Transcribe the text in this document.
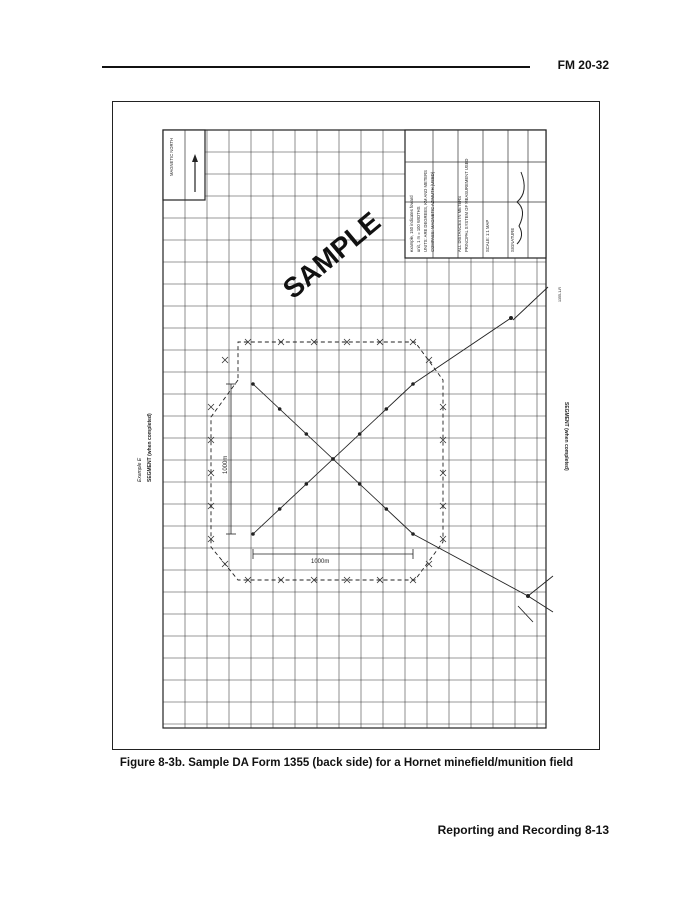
FM 20-32
example, 150 indicates foward unit, 1 m = 100 WIDTHS UNITS: ARE DEGREES, KM AND METERS COMPASS: MAGNETIC AZIMUTH (USED)	ALL DISTANCES IN METERS PRINCIPAL SYSTEM OF MEASUREMENT USED	SCALE: 1:1 MAP	SIGNATURE
1355-1-R
MAGNETIC NORTH
SAMPLE
1000m
1000m
SEGMENT (when completed)
Example E	SEGMENT (when completed)
Figure 8-3b. Sample DA Form 1355 (back side) for a Hornet minefield/munition field
Reporting and Recording 8-13
